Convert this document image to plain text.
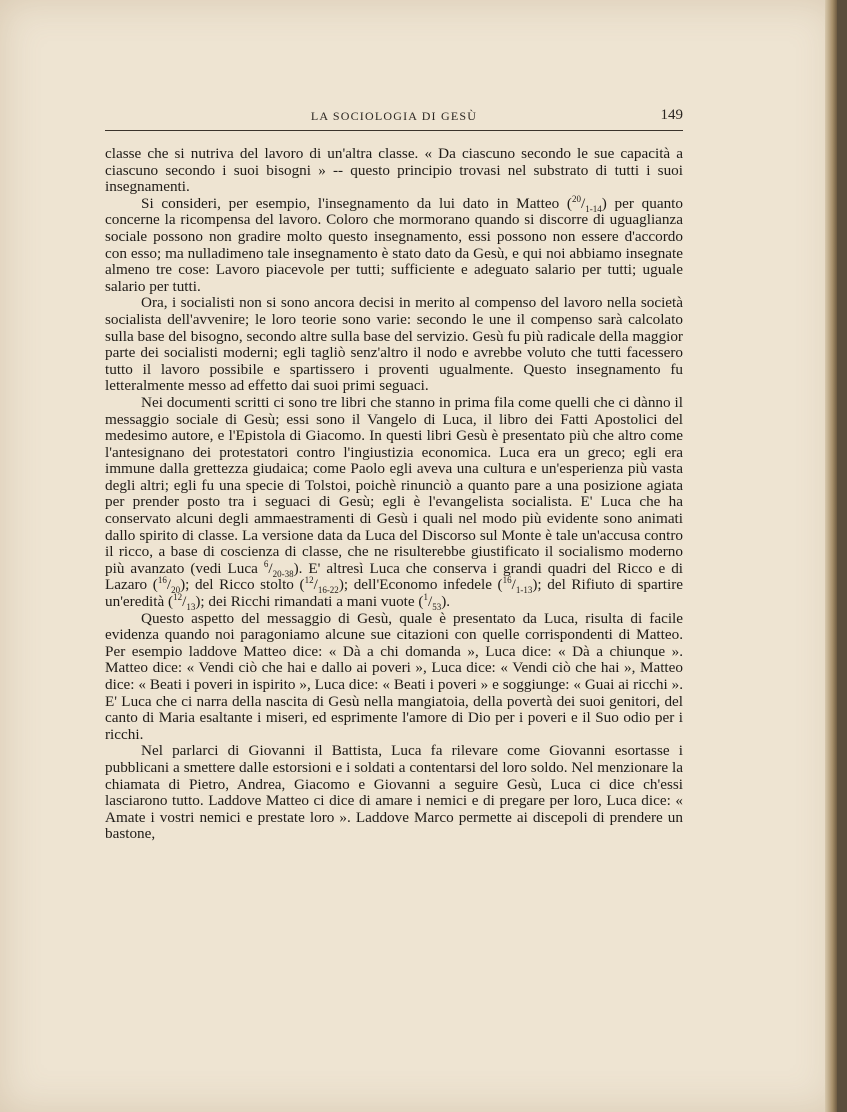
LA SOCIOLOGIA DI GESÙ	149

classe che si nutriva del lavoro di un'altra classe. « Da ciascuno secondo le sue capacità a ciascuno secondo i suoi bisogni » -- questo principio trovasi nel substrato di tutti i suoi insegnamenti.

Si consideri, per esempio, l'insegnamento da lui dato in Matteo $(^{20}/_{1-14})$ per quanto concerne la ricompensa del lavoro. Coloro che mormorano quando si discorre di uguaglianza sociale possono non gradire molto questo insegnamento, essi possono non essere d'accordo con esso; ma nulladimeno tale insegnamento è stato dato da Gesù, e qui noi abbiamo insegnate almeno tre cose: Lavoro piacevole per tutti; sufficiente e adeguato salario per tutti; uguale salario per tutti.

Ora, i socialisti non si sono ancora decisi in merito al compenso del lavoro nella società socialista dell'avvenire; le loro teorie sono varie: secondo le une il compenso sarà calcolato sulla base del bisogno, secondo altre sulla base del servizio. Gesù fu più radicale della maggior parte dei socialisti moderni; egli tagliò senz'altro il nodo e avrebbe voluto che tutti facessero tutto il lavoro possibile e spartissero i proventi ugualmente. Questo insegnamento fu letteralmente messo ad effetto dai suoi primi seguaci.

Nei documenti scritti ci sono tre libri che stanno in prima fila come quelli che ci dànno il messaggio sociale di Gesù; essi sono il Vangelo di Luca, il libro dei Fatti Apostolici del medesimo autore, e l'Epistola di Giacomo. In questi libri Gesù è presentato più che altro come l'antesignano dei protestatori contro l'ingiustizia economica. Luca era un greco; egli era immune dalla grettezza giudaica; come Paolo egli aveva una cultura e un'esperienza più vasta degli altri; egli fu una specie di Tolstoi, poichè rinunciò a quanto pare a una posizione agiata per prender posto tra i seguaci di Gesù; egli è l'evangelista socialista. E' Luca che ha conservato alcuni degli ammaestramenti di Gesù i quali nel modo più evidente sono animati dallo spirito di classe. La versione data da Luca del Discorso sul Monte è tale un'accusa contro il ricco, a base di coscienza di classe, che ne risulterebbe giustificato il socialismo moderno più avanzato (vedi Luca $^6/_{20-38}$). E' altresì Luca che conserva i grandi quadri del Ricco e di Lazaro $(^{16}/_{20})$; del Ricco stolto $(^{12}/_{16-22})$; dell'Economo infedele $(^{16}/_{1-13})$; del Rifiuto di spartire un'eredità $(^{12}/_{13})$; dei Ricchi rimandati a mani vuote $(^1/_{53})$.

Questo aspetto del messaggio di Gesù, quale è presentato da Luca, risulta di facile evidenza quando noi paragoniamo alcune sue citazioni con quelle corrispondenti di Matteo. Per esempio laddove Matteo dice: « Dà a chi domanda », Luca dice: « Dà a chiunque ». Matteo dice: « Vendi ciò che hai e dallo ai poveri », Luca dice: « Vendi ciò che hai », Matteo dice: « Beati i poveri in ispirito », Luca dice: « Beati i poveri » e soggiunge: « Guai ai ricchi ». E' Luca che ci narra della nascita di Gesù nella mangiatoia, della povertà dei suoi genitori, del canto di Maria esaltante i miseri, ed esprimente l'amore di Dio per i poveri e il Suo odio per i ricchi.

Nel parlarci di Giovanni il Battista, Luca fa rilevare come Giovanni esortasse i pubblicani a smettere dalle estorsioni e i soldati a contentarsi del loro soldo. Nel menzionare la chiamata di Pietro, Andrea, Giacomo e Giovanni a seguire Gesù, Luca ci dice ch'essi lasciarono tutto. Laddove Matteo ci dice di amare i nemici e di pregare per loro, Luca dice: « Amate i vostri nemici e prestate loro ». Laddove Marco permette ai discepoli di prendere un bastone,
